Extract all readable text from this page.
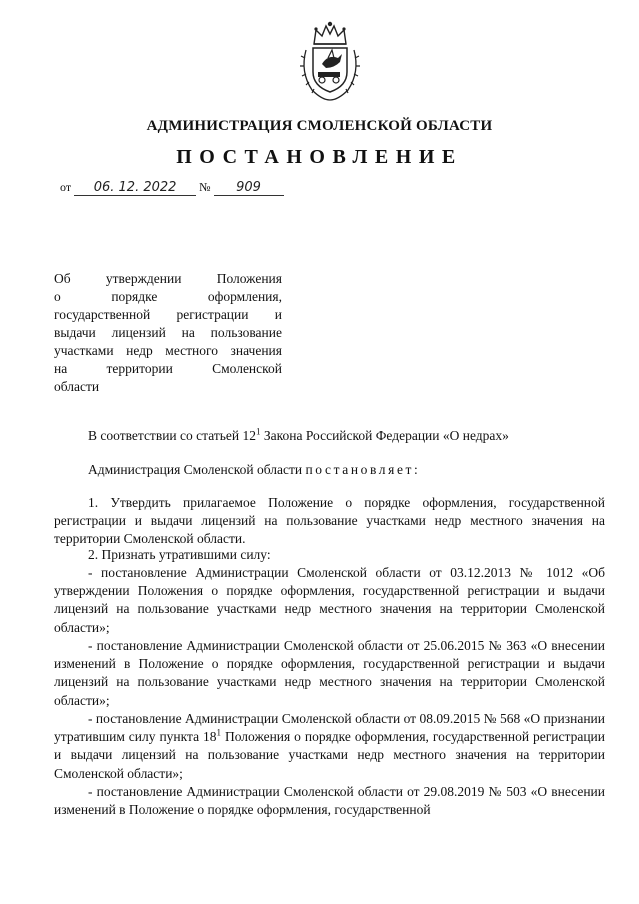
АДМИНИСТРАЦИЯ СМОЛЕНСКОЙ ОБЛАСТИ
ПОСТАНОВЛЕНИЕ
от 06. 12. 2022 № 909
Об утверждении Положения
о порядке оформления,
государственной регистрации и
выдачи лицензий на пользование
участками недр местного значения
на территории Смоленской
области
В соответствии со статьей $12^1$ Закона Российской Федерации «О недрах»
Администрация Смоленской области постановляет:
1. Утвердить прилагаемое Положение о порядке оформления, государственной регистрации и выдачи лицензий на пользование участками недр местного значения на территории Смоленской области.
2. Признать утратившими силу:
- постановление Администрации Смоленской области от 03.12.2013 № 1012 «Об утверждении Положения о порядке оформления, государственной регистрации и выдачи лицензий на пользование участками недр местного значения на территории Смоленской области»;
- постановление Администрации Смоленской области от 25.06.2015 № 363 «О внесении изменений в Положение о порядке оформления, государственной регистрации и выдачи лицензий на пользование участками недр местного значения на территории Смоленской области»;
- постановление Администрации Смоленской области от 08.09.2015 № 568 «О признании утратившим силу пункта $18^1$ Положения о порядке оформления, государственной регистрации и выдачи лицензий на пользование участками недр местного значения на территории Смоленской области»;
- постановление Администрации Смоленской области от 29.08.2019 № 503 «О внесении изменений в Положение о порядке оформления, государственной
